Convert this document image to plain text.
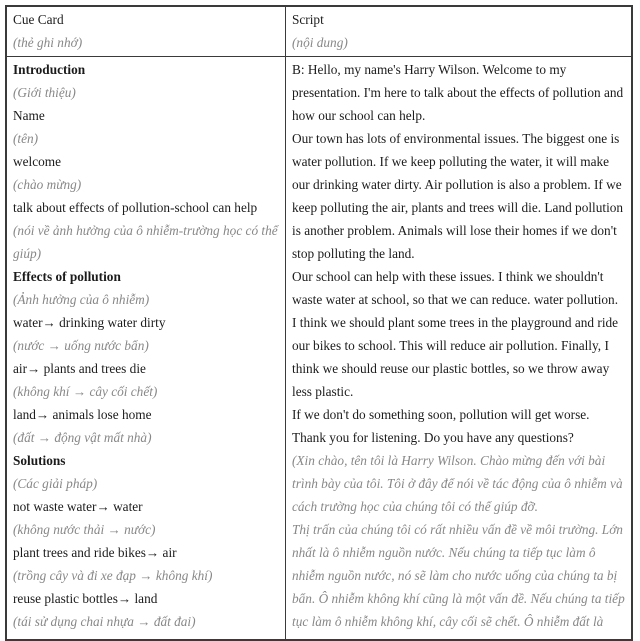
Cue Card
(thẻ ghi nhớ)
Script
(nội dung)
Introduction
(Giới thiệu)
Name
(tên)
welcome
(chào mừng)
talk about effects of pollution-school can help
(nói về ảnh hưởng của ô nhiễm-trường học có thể giúp)
Effects of pollution
(Ảnh hưởng của ô nhiễm)
water→ drinking water dirty
(nước → uống nước bẩn)
air→ plants and trees die
(không khí → cây cối chết)
land→ animals lose home
(đất → động vật mất nhà)
Solutions
(Các giải pháp)
not waste water→ water
(không nước thải → nước)
plant trees and ride bikes→ air
(trồng cây và đi xe đạp → không khí)
reuse plastic bottles→ land
(tái sử dụng chai nhựa → đất đai)
B: Hello, my name's Harry Wilson. Welcome to my presentation. I'm here to talk about the effects of pollution and how our school can help.
Our town has lots of environmental issues. The biggest one is water pollution. If we keep polluting the water, it will make our drinking water dirty. Air pollution is also a problem. If we keep polluting the air, plants and trees will die. Land pollution is another problem. Animals will lose their homes if we don't stop polluting the land.
Our school can help with these issues. I think we shouldn't waste water at school, so that we can reduce. water pollution. I think we should plant some trees in the playground and ride our bikes to school. This will reduce air pollution. Finally, I think we should reuse our plastic bottles, so we throw away less plastic.
If we don't do something soon, pollution will get worse.
Thank you for listening. Do you have any questions?
(Xin chào, tên tôi là Harry Wilson. Chào mừng đến với bài trình bày của tôi. Tôi ở đây để nói về tác động của ô nhiễm và cách trường học của chúng tôi có thể giúp đỡ.
Thị trấn của chúng tôi có rất nhiều vấn đề về môi trường. Lớn nhất là ô nhiễm nguồn nước. Nếu chúng ta tiếp tục làm ô nhiễm nguồn nước, nó sẽ làm cho nước uống của chúng ta bị bẩn. Ô nhiễm không khí cũng là một vấn đề. Nếu chúng ta tiếp tục làm ô nhiễm không khí, cây cối sẽ chết. Ô nhiễm đất là
